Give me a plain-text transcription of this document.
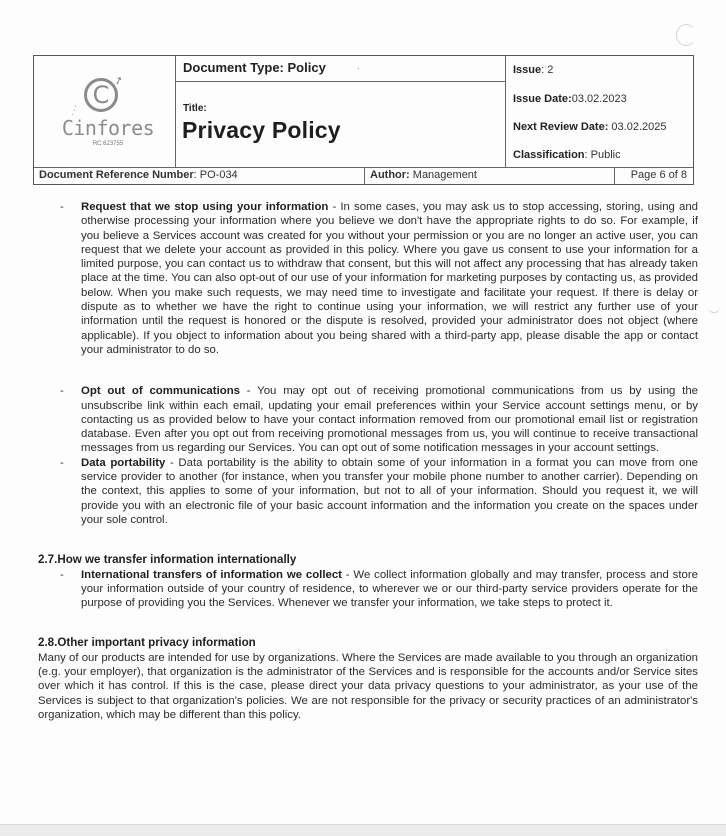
C
➚
⋰
Cinfores
RC:623755
Document Type: Policy	.
Title:
Privacy Policy
Issue: 2
Issue Date:03.02.2023
Next Review Date: 03.02.2025
Classification: Public
Document Reference Number: PO-034	Author: Management	Page 6 of 8
- Request that we stop using your information - In some cases, you may ask us to stop accessing, storing, using and otherwise processing your information where you believe we don't have the appropriate rights to do so. For example, if you believe a Services account was created for you without your permission or you are no longer an active user, you can request that we delete your account as provided in this policy. Where you gave us consent to use your information for a limited purpose, you can contact us to withdraw that consent, but this will not affect any processing that has already taken place at the time. You can also opt-out of our use of your information for marketing purposes by contacting us, as provided below. When you make such requests, we may need time to investigate and facilitate your request. If there is delay or dispute as to whether we have the right to continue using your information, we will restrict any further use of your information until the request is honored or the dispute is resolved, provided your administrator does not object (where applicable). If you object to information about you being shared with a third-party app, please disable the app or contact your administrator to do so.
- Opt out of communications - You may opt out of receiving promotional communications from us by using the unsubscribe link within each email, updating your email preferences within your Service account settings menu, or by contacting us as provided below to have your contact information removed from our promotional email list or registration database. Even after you opt out from receiving promotional messages from us, you will continue to receive transactional messages from us regarding our Services. You can opt out of some notification messages in your account settings.
- Data portability - Data portability is the ability to obtain some of your information in a format you can move from one service provider to another (for instance, when you transfer your mobile phone number to another carrier). Depending on the context, this applies to some of your information, but not to all of your information. Should you request it, we will provide you with an electronic file of your basic account information and the information you create on the spaces under your sole control.
2.7.How we transfer information internationally
- International transfers of information we collect - We collect information globally and may transfer, process and store your information outside of your country of residence, to wherever we or our third-party service providers operate for the purpose of providing you the Services. Whenever we transfer your information, we take steps to protect it.
2.8.Other important privacy information
Many of our products are intended for use by organizations. Where the Services are made available to you through an organization (e.g. your employer), that organization is the administrator of the Services and is responsible for the accounts and/or Service sites over which it has control. If this is the case, please direct your data privacy questions to your administrator, as your use of the Services is subject to that organization's policies. We are not responsible for the privacy or security practices of an administrator's organization, which may be different than this policy.
